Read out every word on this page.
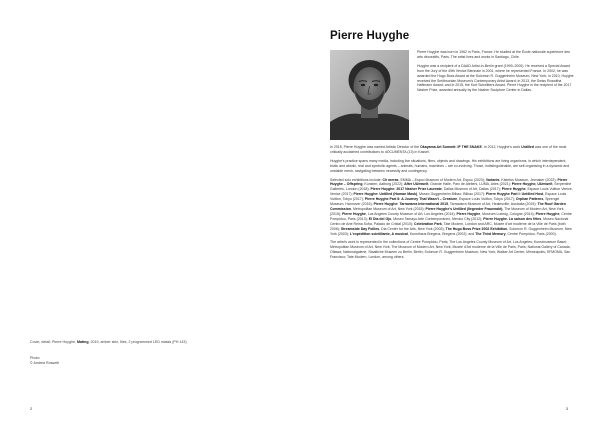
Cover, detail: Pierre Huyghe, Mating, 2019, amber skin, flies, 2 programmed LED masks (PH 143)
Photo:
© Andrea Rossetti
2
Pierre Huyghe

Pierre Huyghe was born in 1962 in Paris, France. He studied at the École nationale supérieure des arts décoratifs, Paris. The artist lives and works in Santiago, Chile.

Huyghe was a recipient of a DAAD Artist-in-Berlin grant (1999–2000). He received a Special Award from the Jury of the 49th Venice Biennale in 2001, where he represented France. In 2002, he was awarded the Hugo Boss Award at the Solomon R. Guggenheim Museum, New York; in 2010, Huyghe received the Smithsonian Museum's Contemporary Artist Award; in 2013, the Swiss Roswitha Haftmann Award; and in 2015, the Kurt Schwitters Award. Pierre Huyghe is the recipient of the 2017 Nasher Prize, awarded annually by the Nasher Sculpture Center in Dallas.

In 2015, Pierre Huyghe was named Artistic Director of the Okayama Art Summit: IF THE SNAKE. In 2012, Huyghe's work Untilled was one of the most critically acclaimed contributions to dOCUMENTA (13) in Kassel.

Huyghe's practice spans many media, including live situations, films, objects and drawings. His exhibitions are living organisms, in which interdependent, biotic and abiotic, real and symbolic agents – animals, humans, machines – are co-evolving. Those, indistinguishable, are self-organising in a dynamic and unstable mesh, navigating between necessity and contingency.

Selected solo exhibitions include: Ch meras, EMMA – Espoo Museum of Modern Art, Espoo (2023); Variants, Kistefos Museum, Jevnaker (2022); Pierre Huyghe – Offspring, Kunsten, Aalborg (2022); After UUmwelt, Grande Halle, Parc de Ateliers, LUMA, Arles (2021); Pierre Huyghe, UUmwelt, Serpentine Galleries, London (2018); Pierre Huyghe: 2017 Nasher Prize Laureate, Dallas Museum of Art, Dallas (2017); Pierre Huyghe, Espace Louis Vuitton Venice, Venice (2017); Pierre Huyghe: Untilled (Human Mask), Museo Guggenheim Bilbao, Bilbao (2017); Pierre Huyghe Part I: Untilled Host, Espace Louis Vuitton, Tokyo (2017); Pierre Huyghe Part II: A Journey That Wasn't – Creature, Espace Louis Vuitton, Tokyo (2017); Orphan Patterns, Sprengel Museum, Hannover (2016); Pierre Huyghe: Tarrawarra International 2015, Tarrawarra Museum of Art, Healesville, Australia (2015); The Roof Garden Commission, Metropolitan Museum of Art, New York (2015); Pierre Huyghe's Untilled (liegender Frauenakt), The Museum of Modern Art, New York (2015); Pierre Huyghe, Los Angeles County Museum of Art, Los Angeles (2014); Pierre Huyghe, Museum Ludwig, Cologne (2014); Pierre Huyghe, Centre Pompidou, Paris (2013); El Dia del Ojo, Museo Tamayo Arte Contemporáneo, Mexico City (2012); Pierre Huyghe. La saison des fêtes, Museo Nacional Centro de Arte Reina Sofía, Palacio de Cristal (2010); Celebration Park, Tate Modern, London and ARC, Musée d'art moderne de la Ville de Paris (both 2006); Streamside Day Follies, Dia Center for the Arts, New York (2003); The Hugo Boss Prize 2002 Exhibition, Solomon R. Guggenheim Museum, New York (2003); L'expédition scintillante, A musical, Kunsthaus Bregenz, Bregenz (2002); and The Third Memory, Centre Pompidou, Paris (2000).

The artist's work is represented in the collections of Centre Pompidou, Paris; The Los Angeles County Museum of Art, Los Angeles; Kunstmuseum Basel; Metropolitan Museum of Art, New York; The Museum of Modern Art, New York; Musée d'Art moderne de la Ville de Paris, Paris; National Gallery of Canada, Ottawa; Nationalgalerie, Staatliche Museen zu Berlin, Berlin; Solomon R. Guggenheim Museum, New York; Walker Art Center, Minneapolis; SFMOMA, San Francisco; Tate Modern, London, among others.

3
